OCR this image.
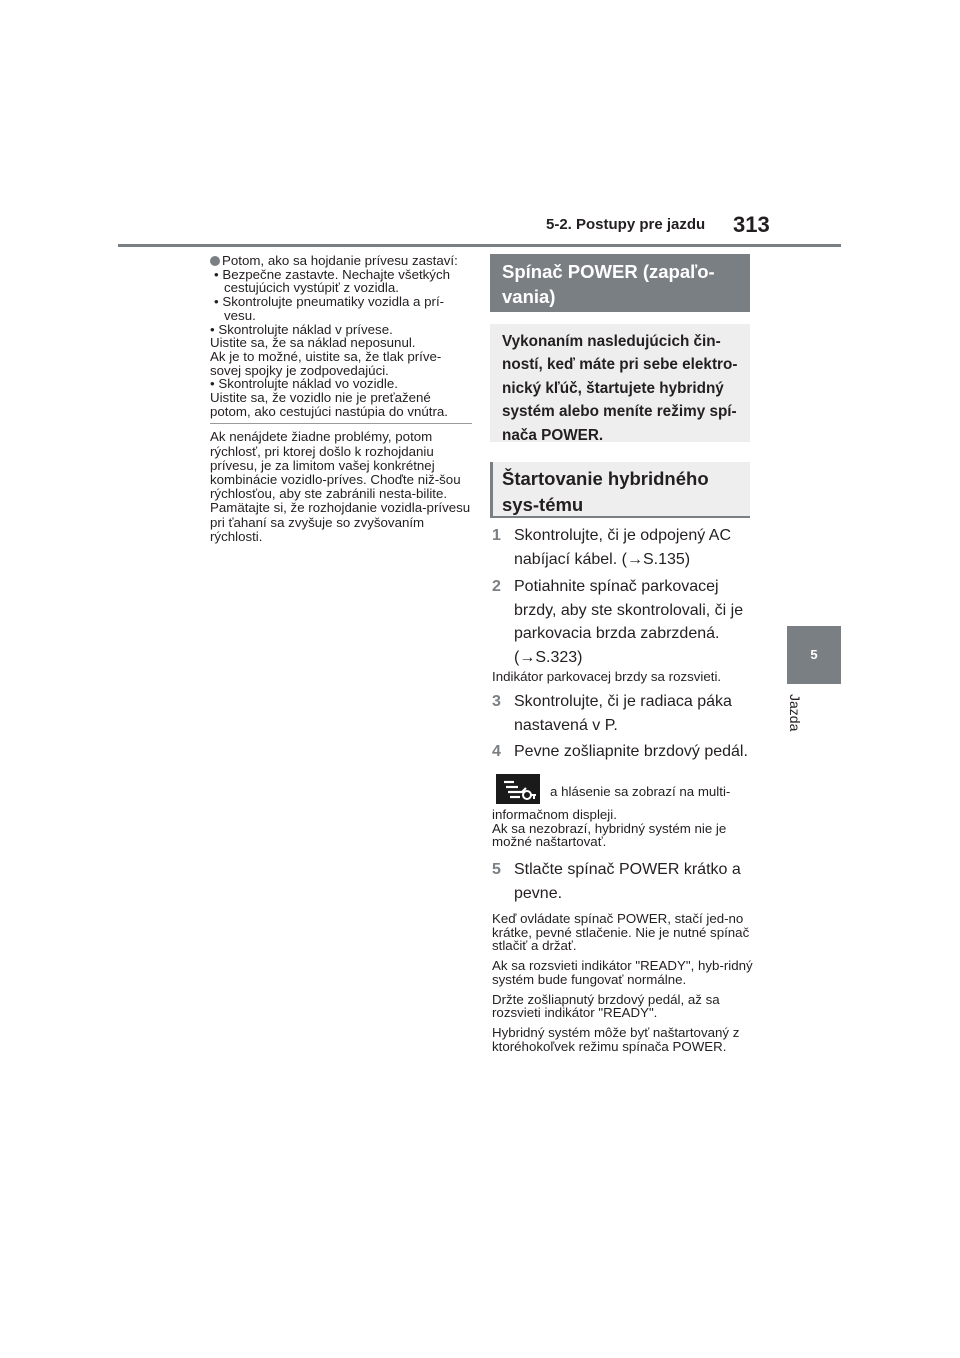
5-2. Postupy pre jazdu 313
5
Jazda

Potom, ako sa hojdanie prívesu zastaví:

• Bezpečne zastavte. Nechajte všetkých cestujúcich vystúpiť z vozidla.

• Skontrolujte pneumatiky vozidla a prí-vesu.

• Skontrolujte náklad v prívese.

Uistite sa, že sa náklad neposunul.

Ak je to možné, uistite sa, že tlak príve-sovej spojky je zodpovedajúci.

• Skontrolujte náklad vo vozidle.

Uistite sa, že vozidlo nie je preťažené potom, ako cestujúci nastúpia do vnútra.

Ak nenájdete žiadne problémy, potom rýchlosť, pri ktorej došlo k rozhojdaniu prívesu, je za limitom vašej konkrétnej kombinácie vozidlo-príves. Choďte niž-šou rýchlosťou, aby ste zabránili nesta-bilite. Pamätajte si, že rozhojdanie vozidla-prívesu pri ťahaní sa zvyšuje so zvyšovaním rýchlosti.

Spínač POWER (zapaľo-vania)
Vykonaním nasledujúcich čin-ností, keď máte pri sebe elektro-nický kľúč, štartujete hybridný systém alebo meníte režimy spí-nača POWER.
Štartovanie hybridného sys-tému
1 Skontrolujte, či je odpojený AC nabíjací kábel. (→S.135)
2 Potiahnite spínač parkovacej brzdy, aby ste skontrolovali, či je parkovacia brzda zabrzdená. (→S.323)

Indikátor parkovacej brzdy sa rozsvieti.

3 Skontrolujte, či je radiaca páka nastavená v P.
4 Pevne zošliapnite brzdový pedál.

a hlásenie sa zobrazí na multi-

informačnom displeji.

Ak sa nezobrazí, hybridný systém nie je možné naštartovať.

5 Stlačte spínač POWER krátko a pevne.

Keď ovládate spínač POWER, stačí jed-no krátke, pevné stlačenie. Nie je nutné spínač stlačiť a držať.

Ak sa rozsvieti indikátor "READY", hyb-ridný systém bude fungovať normálne.

Držte zošliapnutý brzdový pedál, až sa rozsvieti indikátor "READY".

Hybridný systém môže byť naštartovaný z ktoréhokoľvek režimu spínača POWER.
